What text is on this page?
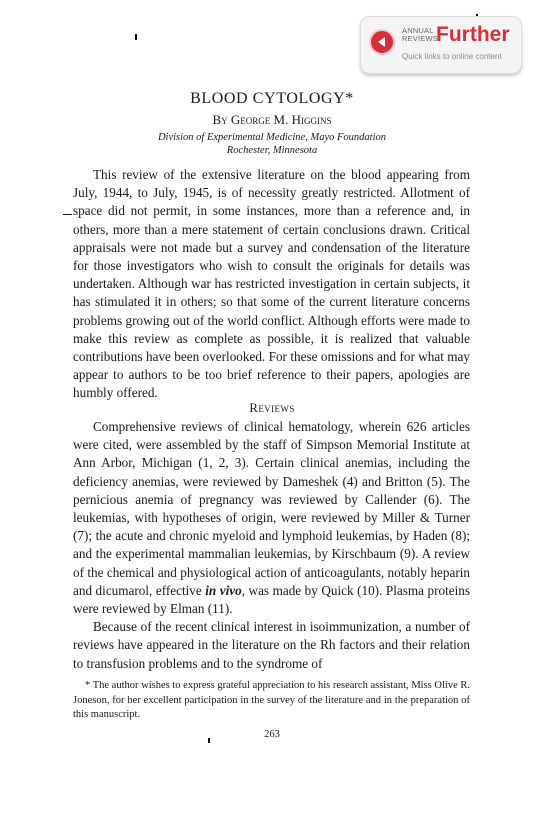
ANNUAL REVIEWS
Further
Quick links to online content
BLOOD CYTOLOGY*
By George M. Higgins
Division of Experimental Medicine, Mayo Foundation
Rochester, Minnesota

This review of the extensive literature on the blood appearing from July, 1944, to July, 1945, is of necessity greatly restricted. Allotment of space did not permit, in some instances, more than a reference and, in others, more than a mere statement of certain conclusions drawn. Critical appraisals were not made but a survey and condensation of the literature for those investigators who wish to consult the originals for details was undertaken. Although war has restricted investigation in certain subjects, it has stimulated it in others; so that some of the current literature concerns problems growing out of the world conflict. Although efforts were made to make this review as complete as possible, it is realized that valuable contributions have been overlooked. For these omissions and for what may appear to authors to be too brief reference to their papers, apologies are humbly offered.

Reviews

Comprehensive reviews of clinical hematology, wherein 626 articles were cited, were assembled by the staff of Simpson Memorial Institute at Ann Arbor, Michigan (1, 2, 3). Certain clinical anemias, including the deficiency anemias, were reviewed by Dameshek (4) and Britton (5). The pernicious anemia of pregnancy was reviewed by Callender (6). The leukemias, with hypotheses of origin, were reviewed by Miller & Turner (7); the acute and chronic myeloid and lymphoid leukemias, by Haden (8); and the experimental mammalian leukemias, by Kirschbaum (9). A review of the chemical and physiological action of anticoagulants, notably heparin and dicumarol, effective in vivo, was made by Quick (10). Plasma proteins were reviewed by Elman (11).

Because of the recent clinical interest in isoimmunization, a number of reviews have appeared in the literature on the Rh factors and their relation to transfusion problems and to the syndrome of

* The author wishes to express grateful appreciation to his research assistant, Miss Olive R. Joneson, for her excellent participation in the survey of the literature and in the preparation of this manuscript.

263
